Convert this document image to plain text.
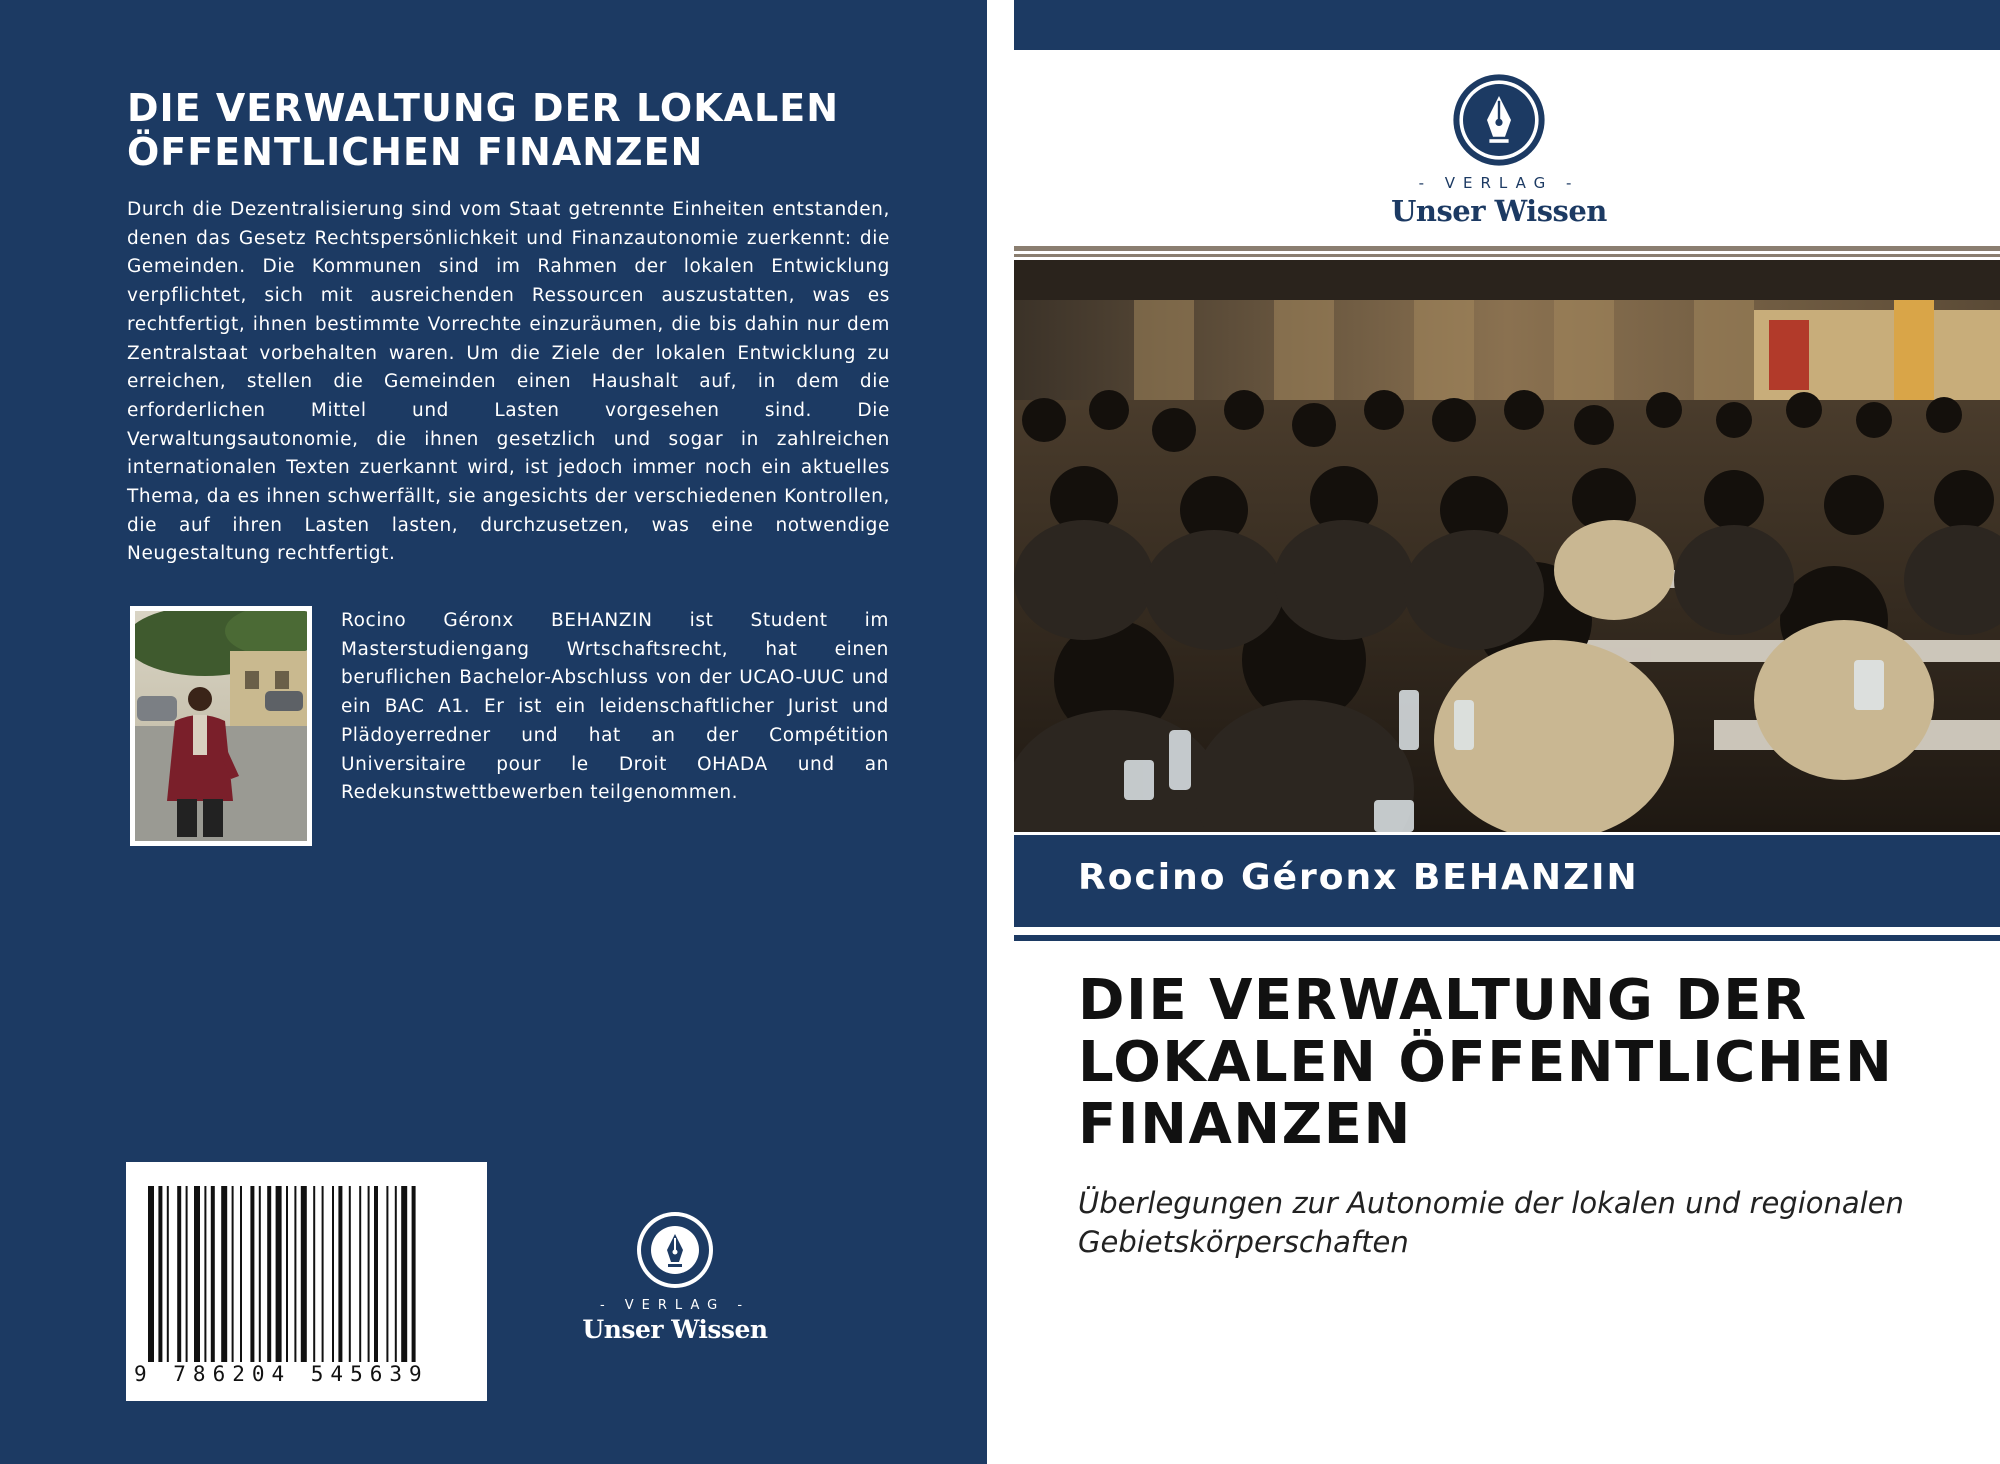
DIE VERWALTUNG DER LOKALEN ÖFFENTLICHEN FINANZEN

Durch die Dezentralisierung sind vom Staat getrennte Einheiten entstanden, denen das Gesetz Rechtspersönlichkeit und Finanzautonomie zuerkennt: die Gemeinden. Die Kommunen sind im Rahmen der lokalen Entwicklung verpflichtet, sich mit ausreichenden Ressourcen auszustatten, was es rechtfertigt, ihnen bestimmte Vorrechte einzuräumen, die bis dahin nur dem Zentralstaat vorbehalten waren. Um die Ziele der lokalen Entwicklung zu erreichen, stellen die Gemeinden einen Haushalt auf, in dem die erforderlichen Mittel und Lasten vorgesehen sind. Die Verwaltungsautonomie, die ihnen gesetzlich und sogar in zahlreichen internationalen Texten zuerkannt wird, ist jedoch immer noch ein aktuelles Thema, da es ihnen schwerfällt, sie angesichts der verschiedenen Kontrollen, die auf ihren Lasten lasten, durchzusetzen, was eine notwendige Neugestaltung rechtfertigt.

Rocino Géronx BEHANZIN ist Student im Masterstudiengang Wrtschaftsrecht, hat einen beruflichen Bachelor-Abschluss von der UCAO-UUC und ein BAC A1. Er ist ein leidenschaftlicher Jurist und Plädoyerredner und hat an der Compétition Universitaire pour le Droit OHADA und an Redekunstwettbewerben teilgenommen.

9 786204 545639
- VERLAG -
Unser Wissen
- VERLAG -
Unser Wissen

Rocino Géronx BEHANZIN

DIE VERWALTUNG DER LOKALEN ÖFFENTLICHEN FINANZEN
Überlegungen zur Autonomie der lokalen und regionalen Gebietskörperschaften
